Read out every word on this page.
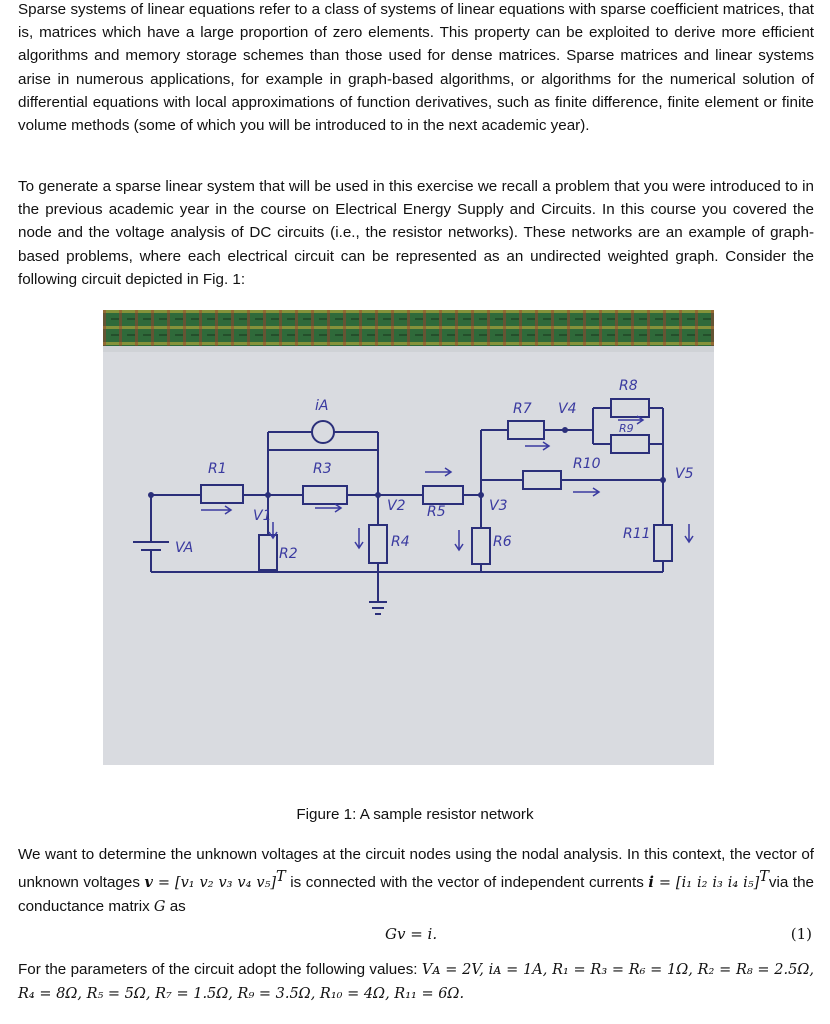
Sparse systems of linear equations refer to a class of systems of linear equations with sparse coefficient matrices, that is, matrices which have a large proportion of zero elements. This property can be exploited to derive more efficient algorithms and memory storage schemes than those used for dense matrices. Sparse matrices and linear systems arise in numerous applications, for example in graph-based algorithms, or algorithms for the numerical solution of differential equations with local approximations of function derivatives, such as finite difference, finite element or finite volume methods (some of which you will be introduced to in the next academic year).

To generate a sparse linear system that will be used in this exercise we recall a problem that you were introduced to in the previous academic year in the course on Electrical Energy Supply and Circuits. In this course you covered the node and the voltage analysis of DC circuits (i.e., the resistor networks). These networks are an example of graph-based problems, where each electrical circuit can be represented as an undirected weighted graph. Consider the following circuit depicted in Fig. 1:

R1
R2
R3
R4
R5
R6
R7
R8
R9
R10
R11
V1
V2	V3
V4
V5
VA
iA

Figure 1: A sample resistor network

We want to determine the unknown voltages at the circuit nodes using the nodal analysis. In this context, the vector of unknown voltages v = [v₁ v₂ v₃ v₄ v₅]$^T$ is connected with the vector of independent currents i = [i₁ i₂ i₃ i₄ i₅]$^T$via the conductance matrix G as

Gv = i.	(1)

For the parameters of the circuit adopt the following values: Vᴀ = 2V, iᴀ = 1A, R₁ = R₃ = R₆ = 1Ω, R₂ = R₈ = 2.5Ω, R₄ = 8Ω, R₅ = 5Ω, R₇ = 1.5Ω, R₉ = 3.5Ω, R₁₀ = 4Ω, R₁₁ = 6Ω.
